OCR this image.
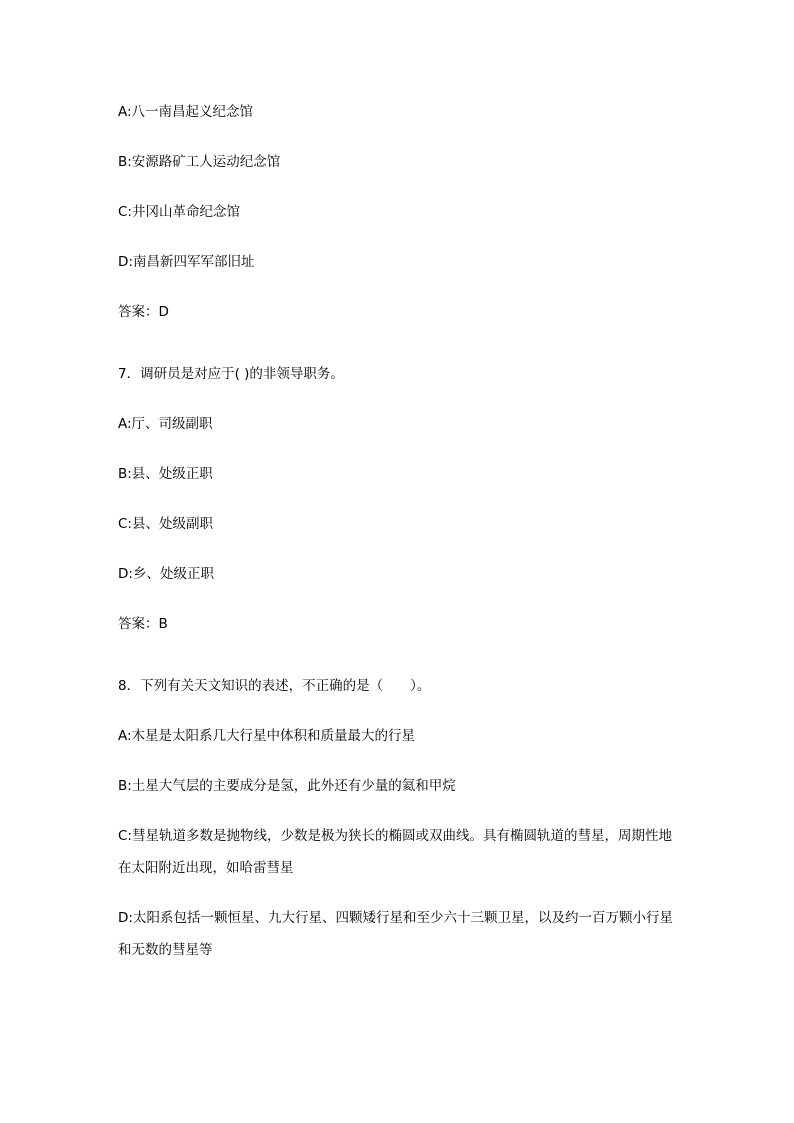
A:八一南昌起义纪念馆
B:安源路矿工人运动纪念馆
C:井冈山革命纪念馆
D:南昌新四军军部旧址
答案：D
7．调研员是对应于( )的非领导职务。
A:厅、司级副职
B:县、处级正职
C:县、处级副职
D:乡、处级正职
答案：B
8．下列有关天文知识的表述，不正确的是（　　）。
A:木星是太阳系几大行星中体积和质量最大的行星
B:土星大气层的主要成分是氢，此外还有少量的氦和甲烷
C:彗星轨道多数是抛物线，少数是极为狭长的椭圆或双曲线。具有椭圆轨道的彗星，周期性地在太阳附近出现，如哈雷彗星
D:太阳系包括一颗恒星、九大行星、四颗矮行星和至少六十三颗卫星，以及约一百万颗小行星和无数的彗星等
